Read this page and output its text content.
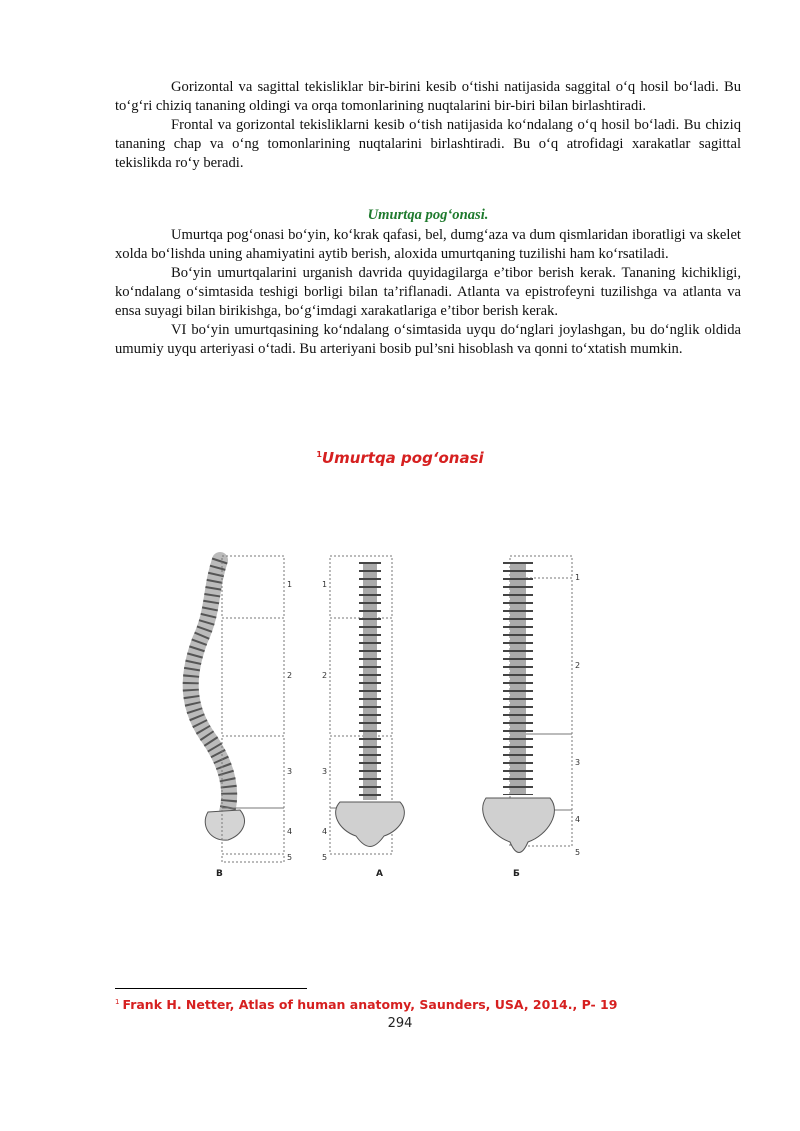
Gorizontal va sagittal tekisliklar bir-birini kesib o‘tishi natijasida saggital o‘q hosil bo‘ladi. Bu to‘g‘ri chiziq tananing oldingi va orqa tomonlarining nuqtalarini bir-biri bilan birlashtiradi.

Frontal va gorizontal tekisliklarni kesib o‘tish natijasida ko‘ndalang o‘q hosil bo‘ladi. Bu chiziq tananing chap va o‘ng tomonlarining nuqtalarini birlashtiradi. Bu o‘q atrofidagi xarakatlar sagittal tekislikda ro‘y beradi.

Umurtqa pog‘onasi.

Umurtqa pog‘onasi bo‘yin, ko‘krak qafasi, bel, dumg‘aza va dum qismlaridan iboratligi va skelet xolda bo‘lishda uning ahamiyatini aytib berish, aloxida umurtqaning tuzilishi ham ko‘rsatiladi.

Bo‘yin umurtqalarini urganish davrida quyidagilarga e’tibor berish kerak. Tananing kichikligi, ko‘ndalang o‘simtasida teshigi borligi bilan ta’riflanadi. Atlanta va epistrofeyni tuzilishga va atlanta va ensa suyagi bilan birikishga, bo‘g‘imdagi xarakatlariga e’tibor berish kerak.

VI bo‘yin umurtqasining ko‘ndalang o‘simtasida uyqu do‘nglari joylashgan, bu do‘nglik oldida umumiy uyqu arteriyasi o‘tadi. Bu arteriyani bosib pul’sni hisoblash va qonni to‘xtatish mumkin.

$^1$Umurtqa pog‘onasi
1
2
3
4
5
B
1
2
3
4
5
A
1
2
3
4
5
Б
$^1$ Frank H. Netter, Atlas of human anatomy, Saunders, USA, 2014., P- 19
294
